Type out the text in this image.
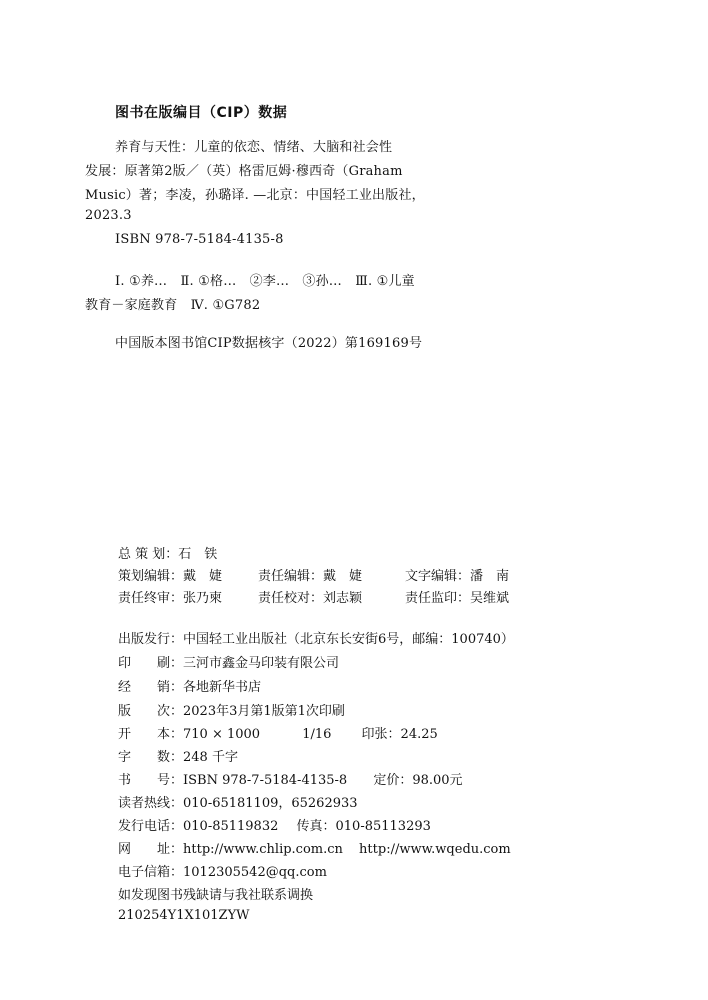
图书在版编目（CIP）数据
养育与天性：儿童的依恋、情绪、大脑和社会性
发展：原著第2版／（英）格雷厄姆·穆西奇（Graham
Music）著；李凌，孙璐译. —北京：中国轻工业出版社，
2023.3
ISBN 978-7-5184-4135-8
Ⅰ. ①养…　Ⅱ. ①格…　②李…　③孙…　Ⅲ. ①儿童
教育－家庭教育　Ⅳ. ①G782
中国版本图书馆CIP数据核字（2022）第169169号
总 策 划：石　铁
策划编辑：戴　婕	责任编辑：戴　婕	文字编辑：潘　南
责任终审：张乃柬	责任校对：刘志颖	责任监印：吴维斌
出版发行：中国轻工业出版社（北京东长安街6号，邮编：100740）
印　　刷：三河市鑫金马印装有限公司
经　　销：各地新华书店
版　　次：2023年3月第1版第1次印刷
开　　本：710 × 1000	1/16 印张：24.25
字　　数：248 千字
书　　号：ISBN 978-7-5184-4135-8 定价：98.00元
读者热线：010-65181109，65262933
发行电话：010-85119832 传真：010-85113293
网　　址：http://www.chlip.com.cn http://www.wqedu.com
电子信箱：1012305542@qq.com
如发现图书残缺请与我社联系调换
210254Y1X101ZYW
